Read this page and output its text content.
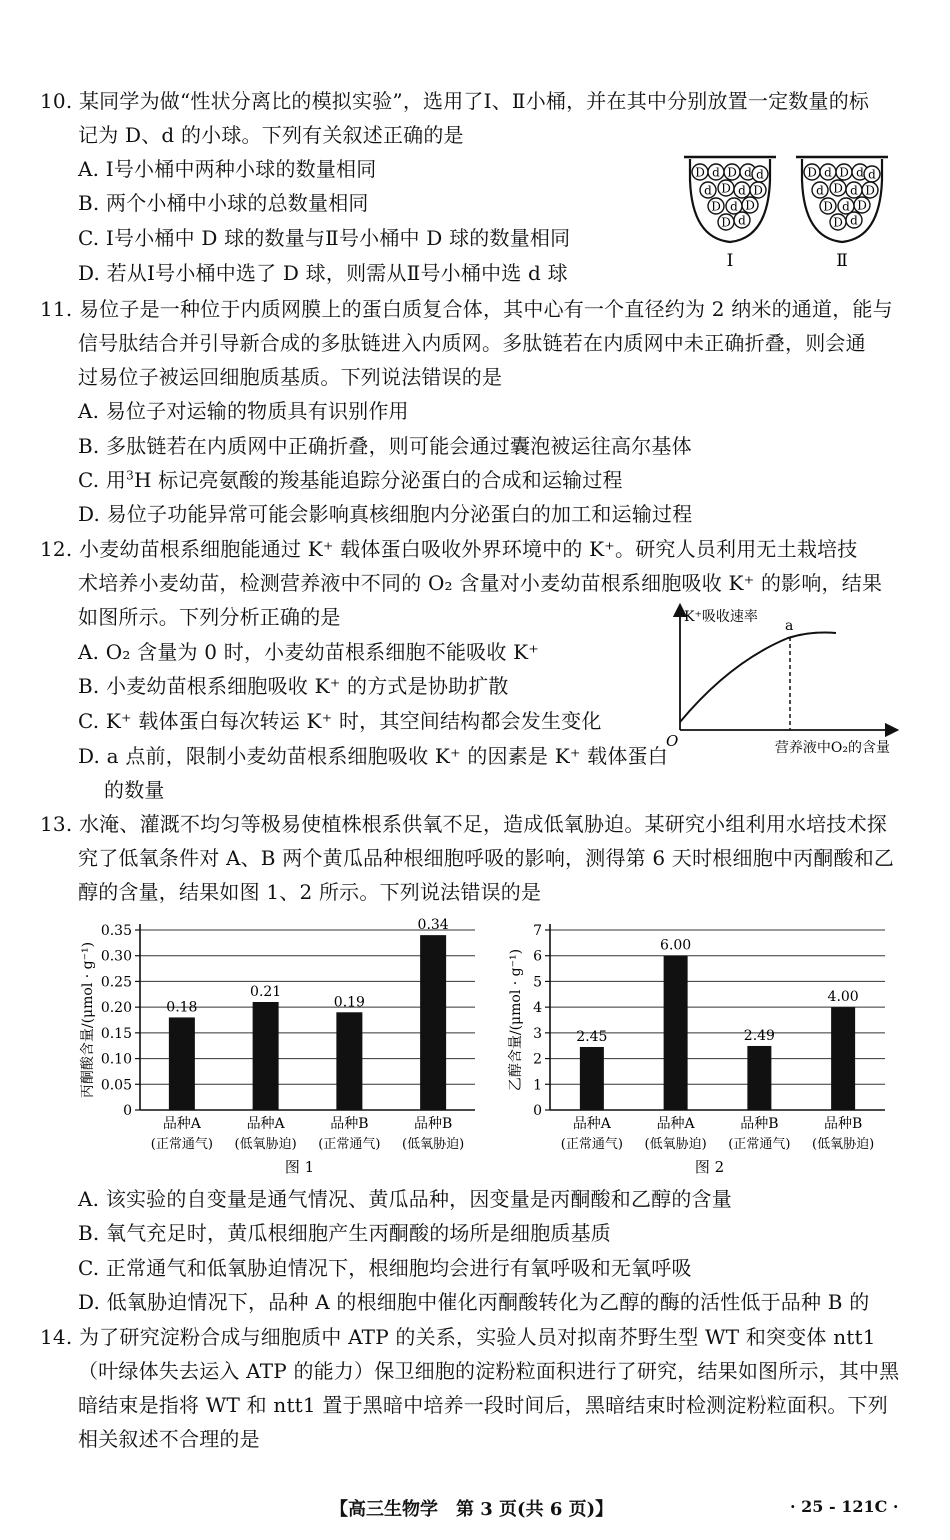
10. 某同学为做“性状分离比的模拟实验”，选用了Ⅰ、Ⅱ小桶，并在其中分别放置一定数量的标
记为 D、d 的小球。下列有关叙述正确的是
A. Ⅰ号小桶中两种小球的数量相同
B. 两个小桶中小球的总数量相同
C. Ⅰ号小桶中 D 球的数量与Ⅱ号小桶中 D 球的数量相同
D. 若从Ⅰ号小桶中选了 D 球，则需从Ⅱ号小桶中选 d 球
D d D d d
d D d D
D d D
D d
Ⅰ
D d D d d
d D d D
D d D
D d
Ⅱ
11. 易位子是一种位于内质网膜上的蛋白质复合体，其中心有一个直径约为 2 纳米的通道，能与
信号肽结合并引导新合成的多肽链进入内质网。多肽链若在内质网中未正确折叠，则会通
过易位子被运回细胞质基质。下列说法错误的是
A. 易位子对运输的物质具有识别作用
B. 多肽链若在内质网中正确折叠，则可能会通过囊泡被运往高尔基体
C. 用$^3$H 标记亮氨酸的羧基能追踪分泌蛋白的合成和运输过程
D. 易位子功能异常可能会影响真核细胞内分泌蛋白的加工和运输过程
12. 小麦幼苗根系细胞能通过 K⁺ 载体蛋白吸收外界环境中的 K⁺。研究人员利用无土栽培技
术培养小麦幼苗，检测营养液中不同的 O₂ 含量对小麦幼苗根系细胞吸收 K⁺ 的影响，结果
如图所示。下列分析正确的是
A. O₂ 含量为 0 时，小麦幼苗根系细胞不能吸收 K⁺
B. 小麦幼苗根系细胞吸收 K⁺ 的方式是协助扩散
C. K⁺ 载体蛋白每次转运 K⁺ 时，其空间结构都会发生变化
D. a 点前，限制小麦幼苗根系细胞吸收 K⁺ 的因素是 K⁺ 载体蛋白
的数量
K⁺吸收速率
a
O	营养液中O₂的含量
13. 水淹、灌溉不均匀等极易使植株根系供氧不足，造成低氧胁迫。某研究小组利用水培技术探
究了低氧条件对 A、B 两个黄瓜品种根细胞呼吸的影响，测得第 6 天时根细胞中丙酮酸和乙
醇的含量，结果如图 1、2 所示。下列说法错误的是
0
0.05
0.10
0.15
0.20
0.25
0.30
0.35
丙酮酸含量/(μmol · g⁻¹)	0.18
品种A
(正常通气)
0.21
品种A
(低氧胁迫)
0.19
品种B
(正常通气)
0.34
品种B
(低氧胁迫)
图 1
0
1
2
3
4
5
6
7
乙醇含量/(μmol · g⁻¹)	2.45
品种A
(正常通气)
6.00
品种A
(低氧胁迫)
2.49
品种B
(正常通气)
4.00
品种B
(低氧胁迫)
图 2
A. 该实验的自变量是通气情况、黄瓜品种，因变量是丙酮酸和乙醇的含量
B. 氧气充足时，黄瓜根细胞产生丙酮酸的场所是细胞质基质
C. 正常通气和低氧胁迫情况下，根细胞均会进行有氧呼吸和无氧呼吸
D. 低氧胁迫情况下，品种 A 的根细胞中催化丙酮酸转化为乙醇的酶的活性低于品种 B 的
14. 为了研究淀粉合成与细胞质中 ATP 的关系，实验人员对拟南芥野生型 WT 和突变体 ntt1
（叶绿体失去运入 ATP 的能力）保卫细胞的淀粉粒面积进行了研究，结果如图所示，其中黑
暗结束是指将 WT 和 ntt1 置于黑暗中培养一段时间后，黑暗结束时检测淀粉粒面积。下列
相关叙述不合理的是
【高三生物学　第 3 页(共 6 页)】	· 25 - 121C ·
